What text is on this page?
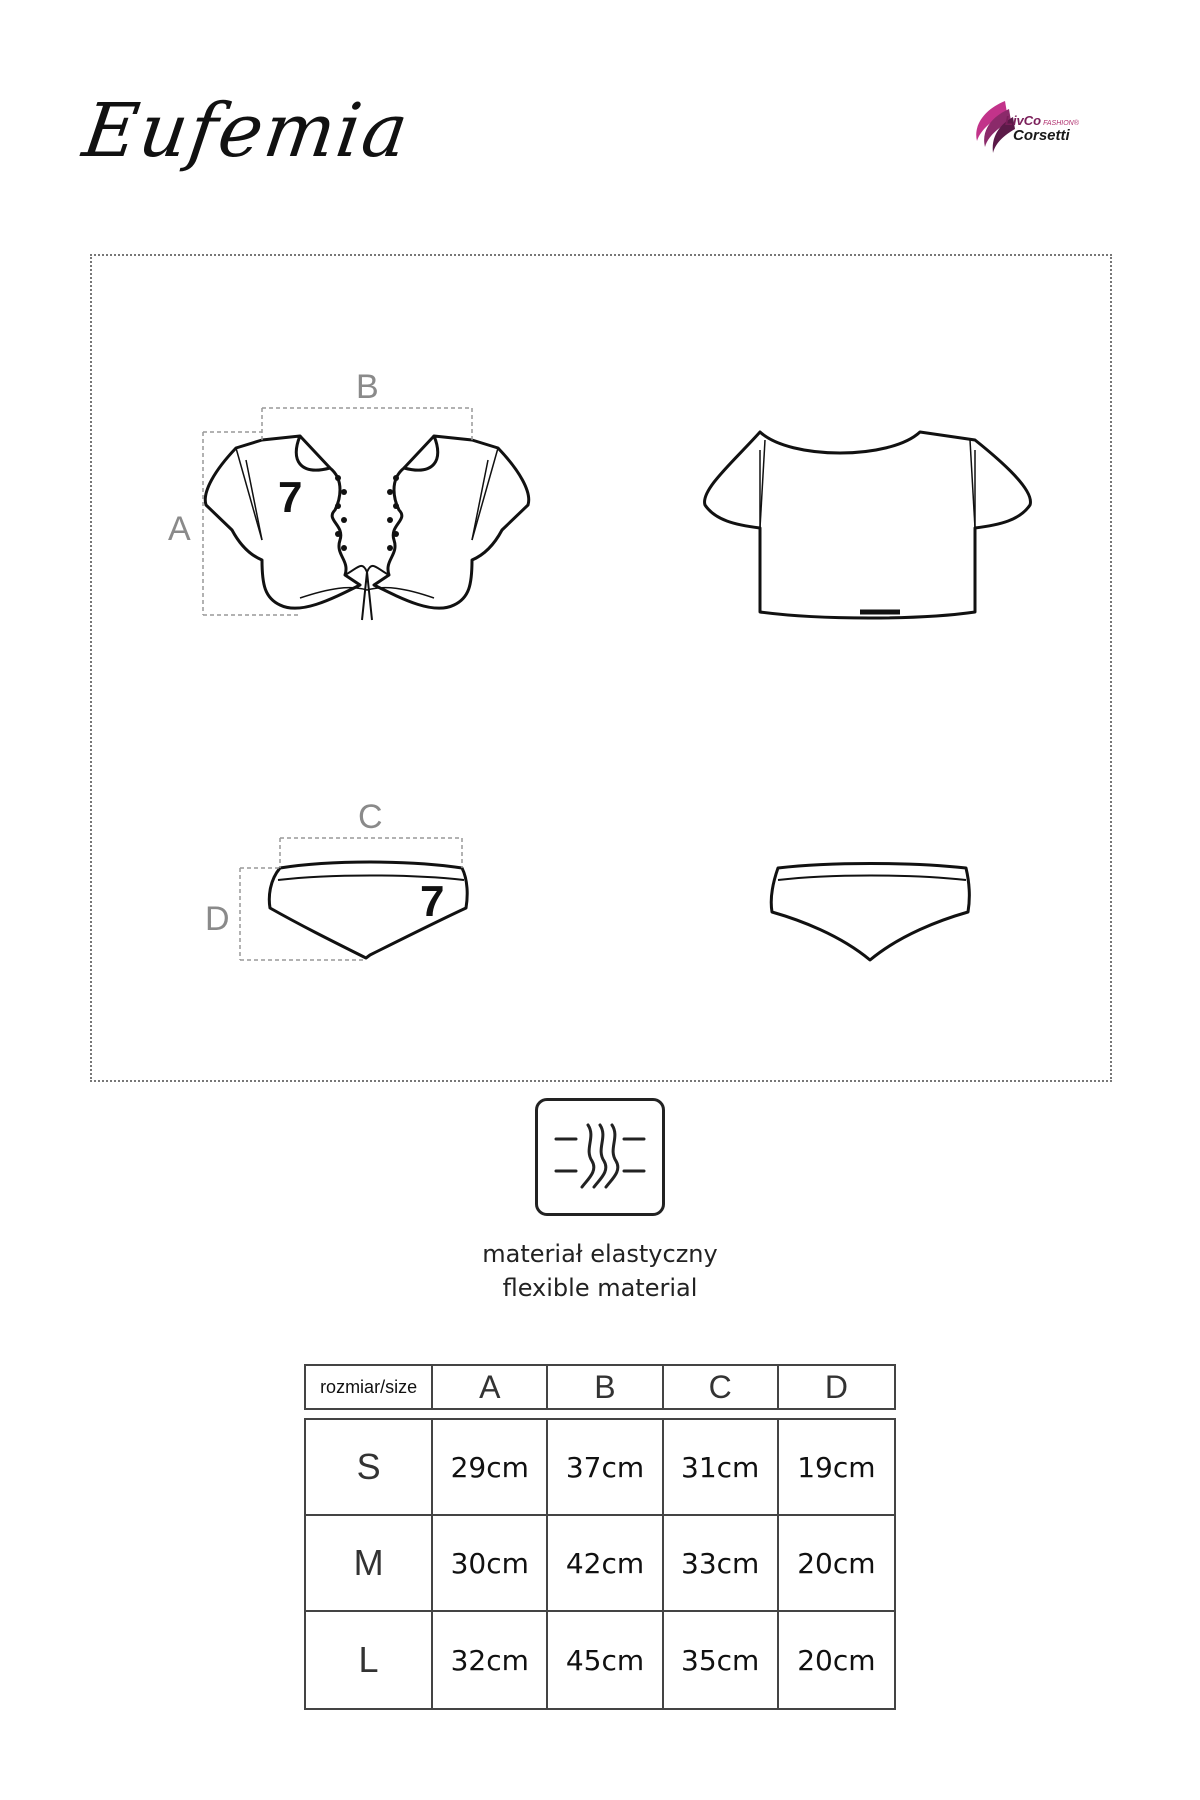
Eufemia	LivCo FASHION®
Corsetti
7
B
A
7
C
D
materiał elastyczny
flexible material
rozmiar/size	A	B	C	D
S	29cm	37cm	31cm	19cm
M	30cm	42cm	33cm	20cm
L	32cm	45cm	35cm	20cm
